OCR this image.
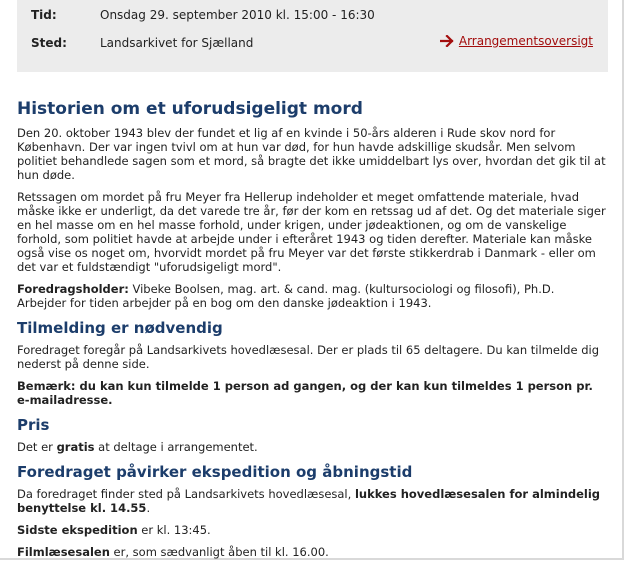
Tid:	Onsdag 29. september 2010 kl. 15:00 - 16:30
Sted:	Landsarkivet for Sjælland	Arrangementsoversigt
Historien om et uforudsigeligt mord

Den 20. oktober 1943 blev der fundet et lig af en kvinde i 50-års alderen i Rude skov nord for København. Der var ingen tvivl om at hun var død, for hun havde adskillige skudsår. Men selvom politiet behandlede sagen som et mord, så bragte det ikke umiddelbart lys over, hvordan det gik til at hun døde.

Retssagen om mordet på fru Meyer fra Hellerup indeholder et meget omfattende materiale, hvad måske ikke er underligt, da det varede tre år, før der kom en retssag ud af det. Og det materiale siger en hel masse om en hel masse forhold, under krigen, under jødeaktionen, og om de vanskelige forhold, som politiet havde at arbejde under i efteråret 1943 og tiden derefter. Materiale kan måske også vise os noget om, hvorvidt mordet på fru Meyer var det første stikkerdrab i Danmark - eller om det var et fuldstændigt "uforudsigeligt mord".

Foredragsholder: Vibeke Boolsen, mag. art. & cand. mag. (kultursociologi og filosofi), Ph.D. Arbejder for tiden arbejder på en bog om den danske jødeaktion i 1943.

Tilmelding er nødvendig

Foredraget foregår på Landsarkivets hovedlæsesal. Der er plads til 65 deltagere. Du kan tilmelde dig nederst på denne side.

Bemærk: du kan kun tilmelde 1 person ad gangen, og der kan kun tilmeldes 1 person pr. e-mailadresse.

Pris

Det er gratis at deltage i arrangementet.

Foredraget påvirker ekspedition og åbningstid

Da foredraget finder sted på Landsarkivets hovedlæsesal, lukkes hovedlæsesalen for almindelig benyttelse kl. 14.55.

Sidste ekspedition er kl. 13:45.

Filmlæsesalen er, som sædvanligt åben til kl. 16.00.
